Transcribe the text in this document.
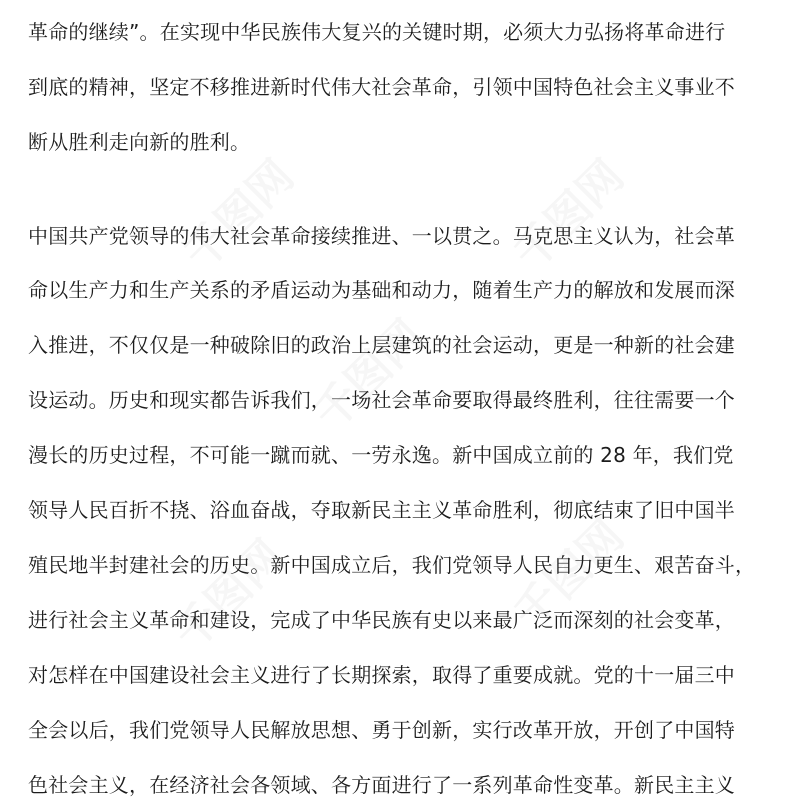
千图网	千图网
千图网
千图网	千图网
革命的继续”。在实现中华民族伟大复兴的关键时期，必须大力弘扬将革命进行
到底的精神，坚定不移推进新时代伟大社会革命，引领中国特色社会主义事业不
断从胜利走向新的胜利。
中国共产党领导的伟大社会革命接续推进、一以贯之。马克思主义认为，社会革
命以生产力和生产关系的矛盾运动为基础和动力，随着生产力的解放和发展而深
入推进，不仅仅是一种破除旧的政治上层建筑的社会运动，更是一种新的社会建
设运动。历史和现实都告诉我们，一场社会革命要取得最终胜利，往往需要一个
漫长的历史过程，不可能一蹴而就、一劳永逸。新中国成立前的 28 年，我们党
领导人民百折不挠、浴血奋战，夺取新民主主义革命胜利，彻底结束了旧中国半
殖民地半封建社会的历史。新中国成立后，我们党领导人民自力更生、艰苦奋斗，
进行社会主义革命和建设，完成了中华民族有史以来最广泛而深刻的社会变革，
对怎样在中国建设社会主义进行了长期探索，取得了重要成就。党的十一届三中
全会以后，我们党领导人民解放思想、勇于创新，实行改革开放，开创了中国特
色社会主义，在经济社会各领域、各方面进行了一系列革命性变革。新民主主义
